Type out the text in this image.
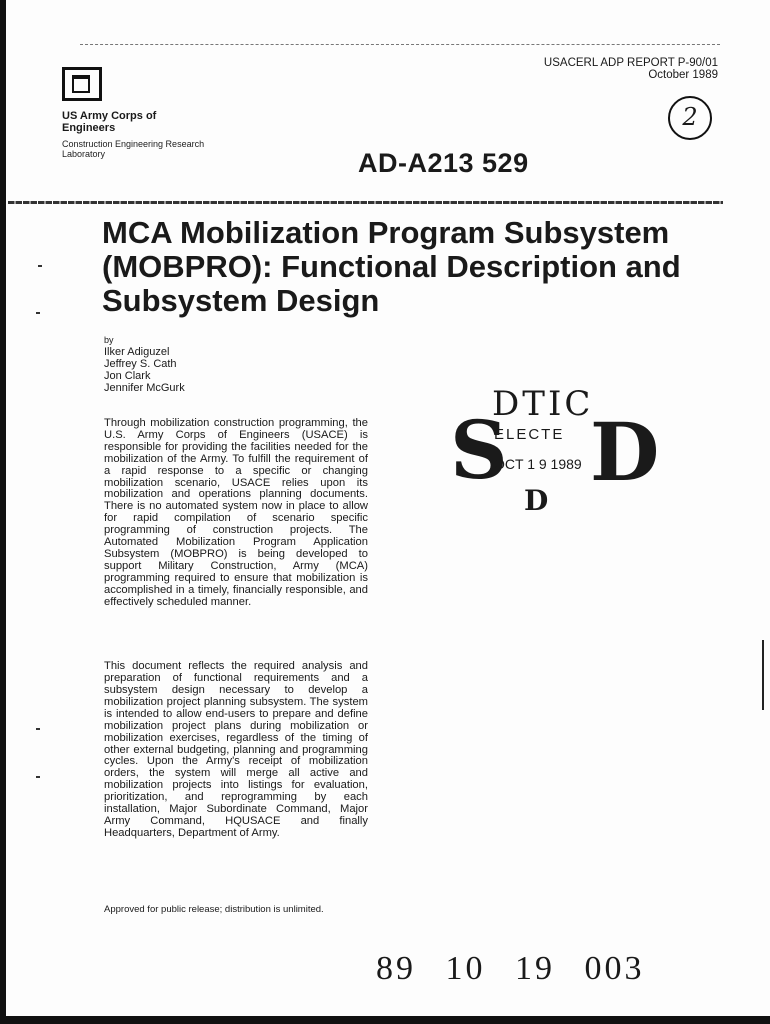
US Army Corps of Engineers
Construction Engineering Research Laboratory
USACERL ADP REPORT P-90/01
October 1989
2
AD-A213 529
MCA Mobilization Program Subsystem (MOBPRO): Functional Description and Subsystem Design
by
Ilker Adiguzel
Jeffrey S. Cath
Jon Clark
Jennifer McGurk

Through mobilization construction programming, the U.S. Army Corps of Engineers (USACE) is responsible for providing the facilities needed for the mobilization of the Army. To fulfill the requirement of a rapid response to a specific or changing mobilization scenario, USACE relies upon its mobilization and operations planning documents. There is no automated system now in place to allow for rapid compilation of scenario specific programming of construction projects. The Automated Mobilization Program Application Subsystem (MOBPRO) is being developed to support Military Construction, Army (MCA) programming required to ensure that mobilization is accomplished in a timely, financially responsible, and effectively scheduled manner.

This document reflects the required analysis and preparation of functional requirements and a subsystem design necessary to develop a mobilization project planning subsystem. The system is intended to allow end-users to prepare and define mobilization project plans during mobilization or mobilization exercises, regardless of the timing of other external budgeting, planning and programming cycles. Upon the Army's receipt of mobilization orders, the system will merge all active and mobilization projects into listings for evaluation, prioritization, and reprogramming by each installation, Major Subordinate Command, Major Army Command, HQUSACE and finally Headquarters, Department of Army.

Approved for public release; distribution is unlimited.
DTIC
S
ELECTE
OCT 1 9 1989
D
D
89 10 19 003
